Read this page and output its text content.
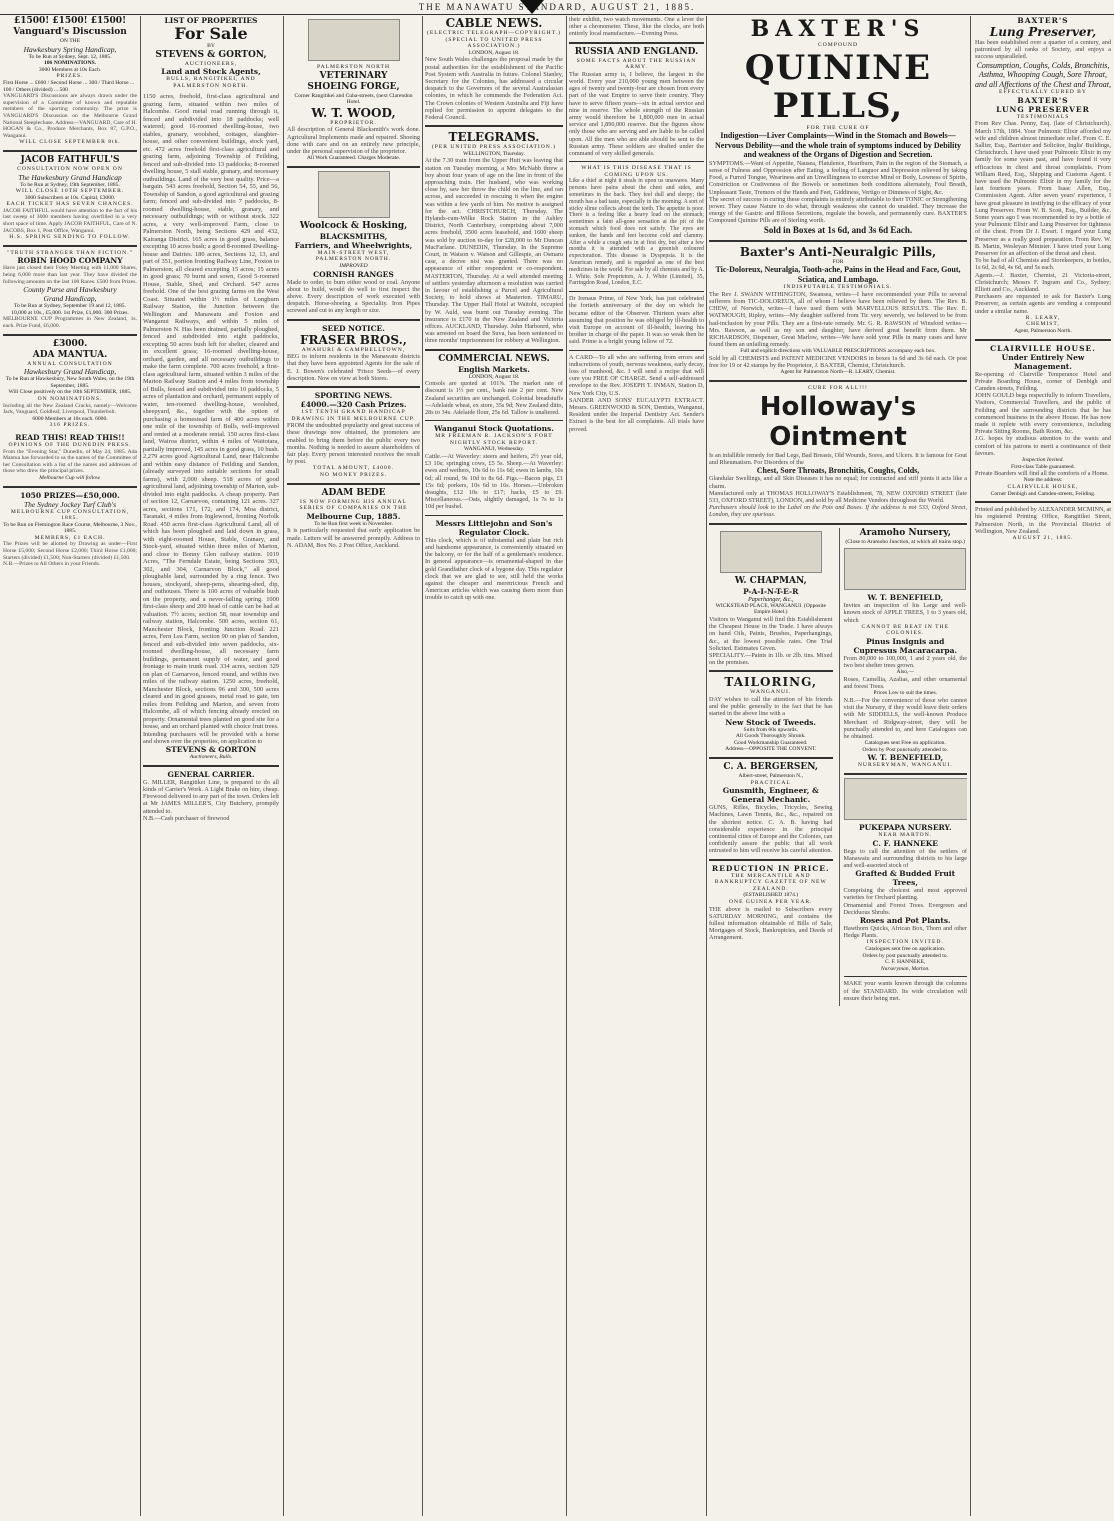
THE MANAWATU STANDARD, AUGUST 21, 1885.
£1500! £1500! £1500!
Vanguard's Discussion
ON THE
Hawkesbury Spring Handicap,
To be Run at Sydney, Sept. 12, 1885.
106 NOMINATIONS.
3000 Members at 10s Each.
PRIZES.
First Horse ... £600 / Second Horse ... 300 / Third Horse ... 100 / Others (divided) ... 500
VANGUARD'S Discussions are always drawn under the supervision of a Committee of known and reputable members of the sporting community. The prize is VANGUARD'S Discussion on the Melbourne Grand National Steeplechase. Address—VANGUARD, Care of H. HOGAN & Co., Produce Merchants, Box 87, G.P.O., Wanganui.
WILL CLOSE SEPTEMBER 8th.
JACOB FAITHFUL'S
CONSULTATION NOW OPEN ON
The Hawkesbury Grand Handicap
To be Run at Sydney, 19th September, 1885.
WILL CLOSE 10TH SEPTEMBER.
3000 Subscribers at 10s. Capital, £3000.
EACH TICKET HAS SEVEN CHANCES.
JACOB FAITHFUL would have attention to the fact of his last sweep of 3000 members having overfilled in a very short space of time. Apply JACOB FAITHFUL, Care of N. JACOBS, Box 1, Post Office, Wanganui.
H.S. SPRING SENDING TO FOLLOW.
"TRUTH STRANGER THAN FICTION."
ROBIN HOOD COMPANY
Have just closed their Foley Meeting with 11,000 Shares, being 6,000 more than last year. They have divided the following amounts on the last 100 Races. £500 from Prizes.
County Purse and Hawkesbury
Grand Handicap,
To be Run at Sydney, September 19 and 12, 1885.
10,000 at 10s., £5,000. 1st Prize, £1,000. 300 Prizes.
MELBOURNE CUP Programmes in New Zealand, 1s. each. Prize Fund, £6,000.
£3000.
ADA MANTUA.
ANNUAL CONSULTATION
Hawkesbury Grand Handicap,
To be Run at Hawkesbury, New South Wales, on the 19th September, 1885.
Will Close positively on the 10th SEPTEMBER, 1885.
ON NOMINATIONS.
Including all the New Zealand Cracks, namely—Welcome Jack, Vanguard, Goldleaf, Liverpool, Thunderbolt.
6000 Members at 10s each. 6000.
316 PRIZES.
READ THIS! READ THIS!!
OPINIONS OF THE DUNEDIN PRESS.
From the "Evening Star," Dunedin, of May 24, 1885. Ada Mantua has forwarded to us the names of the Committee of her Consultation with a list of the names and addresses of those who drew the principal prizes.
Melbourne Cup will follow.
1050 PRIZES—£50,000.
The Sydney Jockey Turf Club's
MELBOURNE CUP CONSULTATION, 1885.
To be Run on Flemington Race Course, Melbourne, 3 Nov., 1885.
MEMBERS, £1 EACH.
The Prizes will be allotted by Drawing as under—First Horse £5,000; Second Horse £2,000; Third Horse £1,000; Starters (divided) £1,500; Non-Starters (divided) £1,500.
N.B.—Prizes to All Others in your Friends.
LIST OF PROPERTIES
For Sale
BY
STEVENS & GORTON,
AUCTIONEERS,
Land and Stock Agents,
BULLS, RANGITIKEI, AND PALMERSTON NORTH.
1150 acres, freehold, first-class agricultural and grazing farm, situated within two miles of Halcombe. Good metal road running through it, fenced and subdivided into 18 paddocks; well watered; good 16-roomed dwelling-house, two stables, granary, woolshed, cottages, slaughter-house, and other convenient buildings, stock yard, etc. 472 acres freehold first-class agricultural and grazing farm, adjoining Township of Feilding, fenced and sub-divided into 13 paddocks; 8-roomed dwelling house, 5 stall stable, granary, and necessary outbuildings. Land of the very best quality. Price—a bargain. 543 acres freehold, Section 54, 55, and 56, Township of Sandon, a good agricultural and grazing farm; fenced and sub-divided into 7 paddocks, 8-roomed dwelling-house, stable, granary, and necessary outbuildings; with or without stock. 322 acres, a very well-improved Farm, close to Palmerston North, being Sections 429 and 432, Kairanga District. 165 acres in good grass, balance excepting 10 acres bush; a good 8-roomed Dwelling-house and Dairies. 180 acres, Sections 12, 13, and part of 351, portion fronting Railway Line, Foxton to Palmerston; all cleared excepting 15 acres; 15 acres in good grass; 70 burnt and sown, Good 5-roomed House, Stable, Shed, and Orchard. 547 acres freehold. One of the best grazing farms on the West Coast. Situated within 1½ miles of Longburn Railway Station, the Junction between the Wellington and Manawatu and Foxton and Wanganui Railways, and within 5 miles of Palmerston N. Has been drained, partially ploughed, fenced and subdivided into eight paddocks, excepting 50 acres bush left for shelter, cleared and in excellent grass; 16-roomed dwelling-house, orchard, garden, and all necessary outbuildings to make the farm complete. 700 acres freehold, a first-class agricultural farm, situated within 3 miles of the Marton Railway Station and 4 miles from township of Bulls, fenced and subdivided into 10 paddocks, 5 acres of plantation and orchard, permanent supply of water, ten-roomed dwelling-house, woolshed, sheepyard, &c., together with the option of purchasing a homestead farm of 400 acres within one mile of the township of Bulls, well-improved and rented at a moderate rental. 150 acres first-class land, Wairoa district, within 4 miles of Waitotara, partially improved, 145 acres in good grass, 10 bush. 2,279 acres good Agricultural Land, near Halcombe and within easy distance of Feilding and Sandon, (already surveyed into suitable sections for small farms), with 2,000 sheep. 518 acres of good agricultural land, adjoining township of Marton, sub-divided into eight paddocks. A cheap property. Part of section 12, Carnarvon, containing 121 acres. 327 acres, sections 171, 172, and 174, Moa district, Taranaki, 4 miles from Inglewood, fronting Norfolk Road. 450 acres first-class Agricultural Land, all of which has been ploughed and laid down in grass, with eight-roomed House, Stable, Granary, and Stock-yard, situated within three miles of Marton, and close to Bonny Glen railway station. 1019 Acres, "The Ferndale Estate, being Sections 303, 302, and 304, Carnarvon Block," all good ploughable land, surrounded by a ring fence. Two houses, stockyard, sheep-pens, shearing-shed, dip, and outhouses. There is 100 acres of valuable bush on the property, and a never-failing spring. 1000 first-class sheep and 200 head of cattle can be had at valuation. 7½ acres, section 58, near township and railway station, Halcombe. 500 acres, section 61, Manchester Block, fronting Junction Road. 221 acres, Fern Lea Farm, section 90 on plan of Sandon, fenced and sub-divided into seven paddocks, six-roomed dwelling-house, all necessary farm buildings, permanent supply of water, and good frontage to main trunk road. 334 acres, section 329 on plan of Carnarvon, fenced round, and within two miles of the railway station. 1250 acres, freehold, Manchester Block, sections 96 and 300, 500 acres cleared and in good grasses, metal road to gate, ten miles from Feilding and Marton, and seven from Halcombe, all of which fencing already erected on property. Ornamental trees planted on good site for a house, and an orchard planted with choice fruit trees.
Intending purchasers will be provided with a horse and shown over the properties, on application to
STEVENS & GORTON
Auctioneers, Bulls.
GENERAL CARRIER.
G. MILLER, Rangitikei Line, is prepared to do all kinds of Carrier's Work. A Light Brake on hire, cheap. Firewood delivered to any part of the town. Orders left at Mr JAMES MILLER'S, City Butchery, promptly attended to.
N.B.—Cash purchaser of firewood
PALMERSTON NORTH
VETERINARY
SHOEING FORGE,
Corner Rangitikei and Cuba-streets, (next Clarendon Hotel.
W. T. WOOD,
PROPRIETOR.
All description of General Blacksmith's work done. Agricultural Implements made and repaired. Shoeing done with care and on an entirely new principle, under the personal supervision of the proprietor.
All Work Guaranteed. Charges Moderate.
Woolcock & Hosking,
BLACKSMITHS,
Farriers, and Wheelwrights,
MAIN-STREET WEST,
PALMERSTON NORTH.
IMPROVED
CORNISH RANGES
Made to order, to burn either wood or coal. Anyone about to build, would do well to first inspect the above. Every description of work executed with despatch. Horse-shoeing a Speciality. Iron Pipes screwed and cut to any length or size.
SEED NOTICE.
FRASER BROS.,
AWAHURI & CAMPBELLTOWN,
BEG to inform residents in the Manawatu districts that they have been appointed Agents for the sale of E. J. Bowen's celebrated 'Frisco Seeds—of every description. Now on view at both Stores.
SPORTING NEWS.
£4000.—320 Cash Prizes.
1ST TENTH GRAND HANDICAP DRAWING IN THE MELBOURNE CUP.
FROM the undoubted popularity and great success of these drawings now obtained, the promoters are enabled to bring them before the public every two months. Nothing is needed to assure shareholders of fair play. Every person interested receives the result by post.
TOTAL AMOUNT, £4000.
NO MONEY PRIZES.
ADAM BEDE
IS NOW FORMING HIS ANNUAL SERIES OF COMPANIES ON THE
Melbourne Cup, 1885.
To be Run first week in November.
It is particularly requested that early application be made. Letters will be answered promptly. Address to N. ADAM, Box No. 2 Post Office, Auckland.
CABLE NEWS.
(ELECTRIC TELEGRAPH—COPYRIGHT.) (SPECIAL TO UNITED PRESS ASSOCIATION.)
LONDON, August 18.
New South Wales challenges the proposal made by the postal authorities for the establishment of the Pacific Post System with Australia in future. Colonel Stanley, Secretary for the Colonies, has addressed a circular despatch to the Governors of the several Australasian colonies, in which he commends the Federation Act. The Crown colonies of Western Australia and Fiji have replied for permission to appoint delegates to the Federal Council.
TELEGRAMS.
(PER UNITED PRESS ASSOCIATION.)
WELLINGTON, Thursday.
At the 7.30 train from the Upper Hutt was leaving that station on Tuesday morning, a Mrs McNabb threw a boy about four years of age on the line in front of the approaching train. Her husband, who was working close by, saw her throw the child on the line, and ran across, and succeeded in rescuing it when the engine was within a few yards of him. No motive is assigned for the act. CHRISTCHURCH, Thursday. The Hylands-cum-Wilke Rock Station in the Ashley District, North Canterbury, comprising about 7,000 acres freehold, 3500 acres leasehold, and 1600 sheep was sold by auction to-day for £28,000 to Mr Duncan MacFarlane. DUNEDIN, Thursday. In the Supreme Court, in Watson v. Watson and Gillespie, an Osmaru case, a decree nisi was granted. There was no appearance of either respondent or co-respondent. MASTERTON, Thursday. At a well attended meeting of settlers yesterday afternoon a resolution was carried in favour of establishing a Parcel and Agricultural Society, to hold shows at Masterton. TIMARU, Thursday. The Upper Hall Hotel at Waitohi, occupied by W. Auld, was burnt out Tuesday evening. The insurance is £170 in the New Zealand and Victoria offices. AUCKLAND, Thursday. John Harbonrd, who was arrested on board the Suva, has been sentenced to three months' imprisonment for robbery at Wellington.
COMMERCIAL NEWS.
English Markets.
LONDON, August 18.
Consols are quoted at 101⅝. The market rate of discount is 1½ per cent., bank rate 2 per cent. New Zealand securities are unchanged. Colonial breadstuffs—Adelaide wheat, ex store, 35s 9d; New Zealand ditto, 28s to 34s. Adelaide flour, 25s 6d. Tallow is unaltered.
Wanganui Stock Quotations.
MR FREEMAN R. JACKSON'S FORT NIGHTLY STOCK REPORT.
WANGANUI, Wednesday.
Cattle.—At Waverley: steers and heifers, 2½ year old, £3 10s; springing cows, £5 5s. Sheep.—At Waverley: ewes and wethers, 10s 6d to 11s 6d; ewes in lambs, 10s 6d; all round, 9s 10d to 8s 6d. Pigs.—Bacon pigs, £1 15s 6d; porkers, 10s 6d to 16s. Horses.—Unbroken draughts, £12 10s to £17; hacks, £5 to £9. Miscellaneous.—Oats, slightly damaged, 1s 7s to 1s 10d per bushel.
Messrs Littlejohn and Son's
Regulator Clock.
This clock, which is of substantial and plain but rich and handsome appearance, is conveniently situated on the balcony, or for the half of a gentleman's residence. In general appearance—is ornamental-shaped in due gold Grandfather clock of a bygone day. This regulator clock that we are glad to see, still held the works against the cheaper and meretricious French and American articles which was causing them more than trouble to catch up with one.
their exhibit, two watch movements. One a lever the other a chronometer. These, like the clocks, are both entirely local manufacture.—Evening Press.
RUSSIA AND ENGLAND.
SOME FACTS ABOUT THE RUSSIAN ARMY.
The Russian army is, I believe, the largest in the world. Every year 210,000 young men between the ages of twenty and twenty-four are chosen from every part of the vast Empire to serve their country. They have to serve fifteen years—six in actual service and nine in reserve. The whole strength of the Russian army would therefore be 1,800,000 men in actual service and 1,890,000 reserve. But the figures show only those who are serving and are liable to be called upon. All the men who are able should be sent to the Russian army. These soldiers are drafted under the command of very skilled generals.
WHAT IS THIS DISEASE THAT IS COMING UPON US.
Like a thief at night it steals in upon us unawares. Many persons have pains about the chest and sides, and sometimes in the back. They feel dull and sleepy; the mouth has a bad taste, especially in the morning. A sort of sticky slime collects about the teeth. The appetite is poor. There is a feeling like a heavy load on the stomach; sometimes a faint all-gone sensation at the pit of the stomach which food does not satisfy. The eyes are sunken, the hands and feet become cold and clammy. After a while a cough sets in at first dry, but after a few months it is attended with a greenish coloured expectoration. This disease is Dyspepsia. It is the American remedy, and is regarded as one of the best medicines in the world. For sale by all chemists and by A. J. White. Sole Proprietors, A. J. White (Limited), 35, Farringdon Road, London, E.C.
Dr Irenaus Prime, of New York, has just celebrated the fortieth anniversary of the day on which he became editor of the Observer. Thirteen years after assuming that position he was obliged by ill-health to visit Europe on account of ill-health, leaving his brother in charge of the paper. It was so weak then he said. Prime is a bright young fellow of 72.
A CARD—To all who are suffering from errors and indiscretions of youth, nervous weakness, early decay, loss of manhood, &c. I will send a recipe that will cure you FREE OF CHARGE. Send a self-addressed envelope to the Rev. JOSEPH T. INMAN, Station D, New York City, U.S.
SANDER AND SONS' EUCALYPTI EXTRACT. Messrs. GREENWOOD & SON, Dentists, Wanganui, Resident under the Imperial Dentistry Act. Sender's Extract is the best for all complaints. All trials have proved.
BAXTER'S
COMPOUND
QUININE PILLS,
FOR THE CURE OF
Indigestion—Liver Complaints—Wind in the Stomach and Bowels—Nervous Debility—and the whole train of symptoms induced by Debility and weakness of the Organs of Digestion and Secretion.
SYMPTOMS.—Want of Appetite, Nausea, Flatulence, Heartburn, Pain in the region of the Stomach, a sense of Fulness and Oppression after Eating, a feeling of Languor and Depression relieved by taking Food, a Furred Tongue, Weariness and an Unwillingness to exercise Mind or Body, Lowness of Spirits, Constriction or Costiveness of the Bowels or sometimes both conditions alternately, Foul Breath, Unpleasant Taste, Tremors of the Hands and Feet, Giddiness, Vertigo or Dimness of Sight, &c.
The secret of success in curing these complaints is entirely attributable to their TONIC or Strengthening power. They cause Nature to do what, through weakness she cannot do unaided. They increase the energy of the Gastric and Bilious Secretions, regulate the bowels, and permanently cure. BAXTER'S Compound Quinine Pills are of Sterling worth.
Sold in Boxes at 1s 6d, and 3s 6d Each.
Baxter's Anti-Neuralgic Pills,
FOR
Tic-Doloreux, Neuralgia, Tooth-ache, Pains in the Head and Face, Gout, Sciatica, and Lumbago.
INDISPUTABLE TESTIMONIALS.
The Rev J. SWANN WITHINGTON, Swansea, writes—I have recommended your Pills to several sufferers from TIC-DOLOREUX, all of whom I believe have been relieved by them. The Rev. B. CHEW, of Norwich, writes—I have used them with MARVELLOUS RESULTS. The Rev. E. WATMOUGH, Ripley, writes—My daughter suffered from Tic very severely, we believed to be from bad-inclusion by your Pills. They are a first-rate remedy. Mr. G. R. RAWSON of Winsford writes—Mrs. Rawson, as well as my son and daughter, have derived great benefit from them. Mr RICHARDSON, Dispenser, Great Marlow, writes—We have sold your Pills in many cases and have found them an unfailing remedy.
Full and explicit directions with VALUABLE PRESCRIPTIONS accompany each box.
Sold by all CHEMISTS and PATENT MEDICINE VENDORS in boxes 1s 6d and 3s 6d each. Or post free for 19 or 42 stamps by the Proprietor, J. BAXTER, Chemist, Christchurch.
Agent for Palmerston North—R. LEARY, Chemist.
CURE FOR ALL!!!
Holloway's Ointment
Is an infallible remedy for Bad Legs, Bad Breasts, Old Wounds, Sores, and Ulcers. It is famous for Gout and Rheumatism. For Disorders of the
Chest, Sore Throats, Bronchitis, Coughs, Colds,
Glandular Swellings, and all Skin Diseases it has no equal; for contracted and stiff joints it acts like a charm.
Manufactured only at THOMAS HOLLOWAY'S Establishment, 78, NEW OXFORD STREET (late 533, OXFORD STREET), LONDON, and sold by all Medicine Vendors throughout the World.
Purchasers should look to the Label on the Pots and Boxes. If the address is not 533, Oxford Street, London, they are spurious.
W. CHAPMAN,
P-A-I-N-T-E-R
Paperhanger, &c.,
WICKSTEAD PLACE, WANGANUI. (Opposite Empire Hotel.)
Visitors to Wanganui will find this Establishment the Cheapest House in the Trade. I have always on hand Oils, Paints, Brushes, Paperhangings, &c., at the lowest possible rates. One Trial Solicited. Estimates Given.
SPECIALITY.—Paints in 1lb. or 2lb. tins. Mixed on the premises.
TAILORING,
WANGANUI.
DAY wishes to call the attention of his friends and the public generally to the fact that he has started in the above line with a
New Stock of Tweeds.
Suits from 60s upwards.
All Goods Thoroughly Shrunk.
Good Workmanship Guaranteed.
Address—OPPOSITE THE CONVENT.
C. A. BERGERSEN,
Albert-street, Palmerston N.,
PRACTICAL
Gunsmith, Engineer, & General Mechanic.
GUNS, Rifles, Bicycles, Tricycles, Sewing Machines, Lawn Tennis, &c., &c., repaired on the shortest notice. C. A. B. having had considerable experience in the principal continental cities of Europe and the Colonies, can confidently assure the public that all work entrusted to him will receive his careful attention.
REDUCTION IN PRICE.
THE MERCANTILE AND BANKRUPTCY GAZETTE OF NEW ZEALAND.
(ESTABLISHED 1874.)
ONE GUINEA PER YEAR.
THE above is mailed to Subscribers every SATURDAY MORNING, and contains the fullest information obtainable of Bills of Sale, Mortgages of Stock, Bankruptcies, and Deeds of Arrangement.
Aramoho Nursery,
(Close to Aramoho Junction, at which all trains stop.)
W. T. BENEFIELD,
Invites an inspection of his Large and well-known stock of APPLE TREES, 1 to 3 years old, which
CANNOT BE BEAT IN THE COLONIES.
Pinus Insignis and Cupressus Macaracarpa.
From 80,000 to 100,000, 1 and 2 years old, the two best shelter trees grown.
Also,—
Roses, Camellia, Azalias, and other ornamental and forest Trees.
Prices Low to suit the times.
N.B.—For the convenience of those who cannot visit the Nursery, if they would leave their orders with Mr SIDDELLS, the well-known Produce Merchant of Ridgway-street, they will be punctually attended to, and here Catalogues can be obtained.
Catalogues sent Free on application.
Orders by Post punctually attended to.
W. T. BENEFIELD,
NURSERYMAN, WANGANUI.
PUKEPAPA NURSERY.
NEAR MARTON.
C. F. HANNEKE
Begs to call the attention of the settlers of Manawatu and surrounding districts to his large and well-assorted stock of
Grafted & Budded Fruit Trees,
Comprising the choicest and most approved varieties for Orchard planting.
Ornamental and Forest Trees. Evergreen and Deciduous Shrubs.
Roses and Pot Plants.
Hawthorn Quicks, African Box, Thorn and other Hedge Plants.
INSPECTION INVITED.
Catalogues sent free on application.
Orders by post punctually attended to.
C. F. HANNEKE,
Nurseryman, Marton.
MAKE your wants known through the columns of the STANDARD. Its wide circulation will ensure their being met.
BAXTER'S
Lung Preserver,
Has been established over a quarter of a century, and patronised by all ranks of Society, and enjoys a success unparalleled.
Consumption, Coughs, Colds, Bronchitis, Asthma, Whooping Cough, Sore Throat, and all Affections of the Chest and Throat,
EFFECTUALLY CURED BY
BAXTER'S
LUNG PRESERVER
TESTIMONIALS
From Rev Chas. Penny, Esq. (late of Christchurch). March 17th, 1884. Your Pulmonic Elixir afforded my wife and children almost immediate relief. From C. E. Sallier, Esq., Barrister and Solicitor, Inglis' Buildings, Christchurch. I have used your Pulmonic Elixir in my family for some years past, and have found it very efficacious in chest and throat complaints. From William Reed, Esq., Shipping and Customs Agent. I have used the Pulmonic Elixir in my family for the last fourteen years. From Isaac Allen, Esq., Commission Agent. After seven years' experience, I have great pleasure in testifying to the efficacy of your Lung Preserver. From W. B. Scott, Esq., Builder, &c. Some years ago I was recommended to try a bottle of your Pulmonic Elixir and Lung Preserver for tightness of the chest. From Dr J. Ewart. I regard your Lung Preserver as a really good preparation. From Rev. W. B. Martin, Wesleyan Minister. I have tried your Lung Preserver for an affection of the throat and chest.
To be had of all Chemists and Storekeepers, in bottles, 1s 6d, 2s 6d, 4s 6d, and 5s each.
Agents.—J. Baxter, Chemist, 21 Victoria-street, Christchurch; Messrs F. Ingram and Co., Sydney; Elliott and Co., Auckland.
Purchasers are requested to ask for Baxter's Lung Preserver, as certain agents are vending a compound under a similar name.
R. LEARY,
CHEMIST,
Agent, Palmerston North.
CLAIRVILLE HOUSE.
Under Entirely New Management.
Re-opening of Clairville Temperance Hotel and Private Boarding House, corner of Denbigh and Camden streets, Feilding.
JOHN GOULD begs respectfully to inform Travellers, Visitors, Commercial Travellers, and the public of Feilding and the surrounding districts that he has commenced business in the above House. He has now made it replete with every convenience, including Private Sitting Rooms, Bath Room, &c.
J.G. hopes by studious attention to the wants and comfort of his patrons to merit a continuance of their favours.
Inspection Invited.
First-class Table guaranteed.
Private Boarders will find all the comforts of a Home.
Note the address:
CLAIRVILLE HOUSE,
Corner Denbigh and Camden-streets, Feilding.
Printed and published by ALEXANDER MCMINN, at his registered Printing Office, Rangitikei Street, Palmerston North, in the Provincial District of Wellington, New Zealand.
AUGUST 21, 1885.
